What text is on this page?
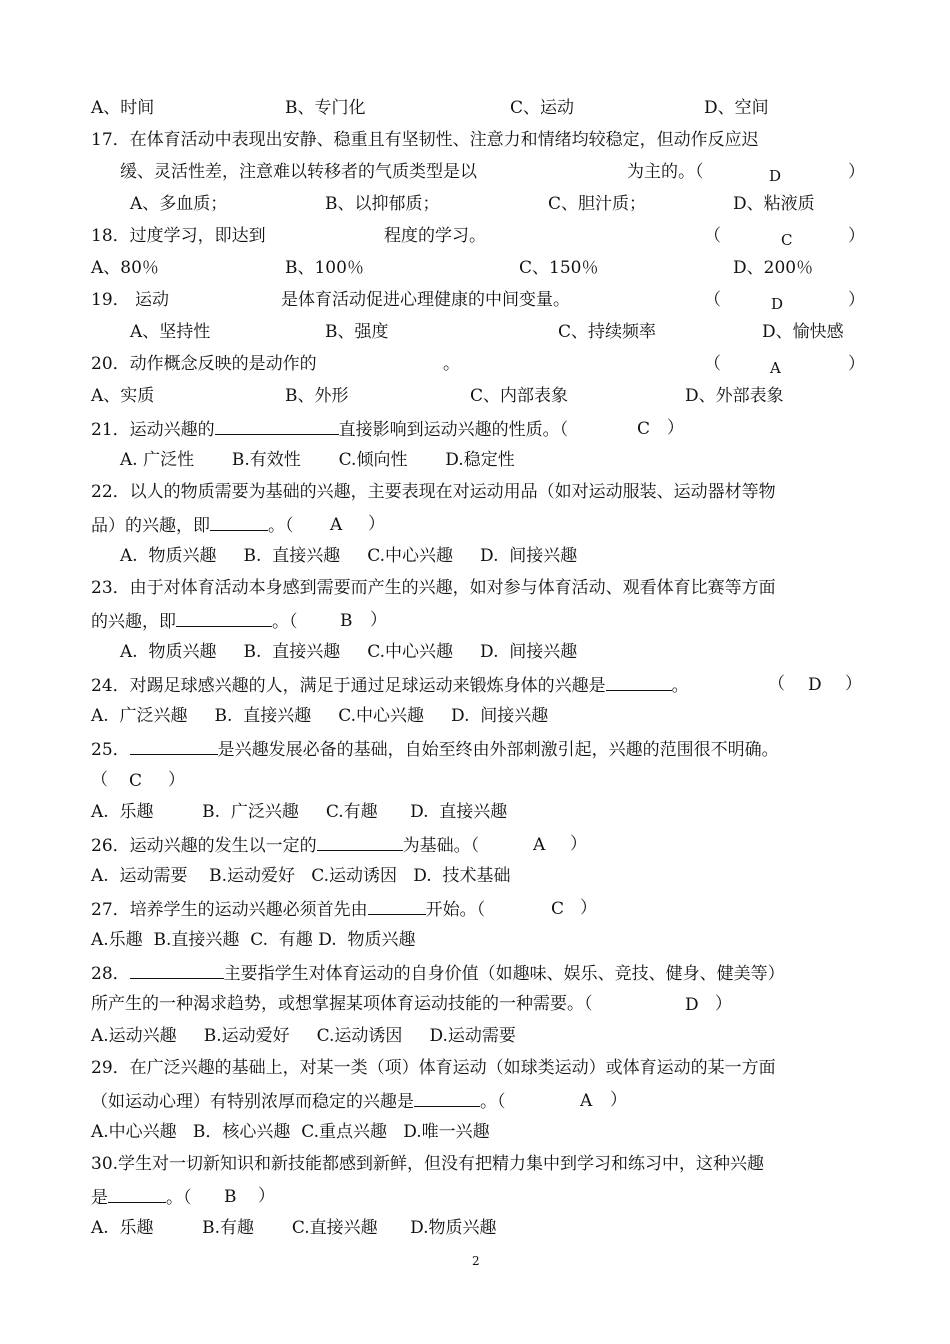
A、时间	B、专门化	C、运动	D、空间
17．在体育活动中表现出安静、稳重且有坚韧性、注意力和情绪均较稳定，但动作反应迟
缓、灵活性差，注意难以转移者的气质类型是以	为主的。（	D	）
A、多血质；	B、以抑郁质；	C、胆汁质；	D、粘液质
18．过度学习，即达到	程度的学习。	（	C	）
A、80％	B、100％	C、150％	D、200％
19． 运动	是体育活动促进心理健康的中间变量。	（	D	）
A、坚持性	B、强度	C、持续频率	D、愉快感
20．动作概念反映的是动作的	。	（	A	）
A、实质	B、外形	C、内部表象	D、外部表象
21．运动兴趣的	直接影响到运动兴趣的性质。（	C ）
A. 广泛性       B.有效性       C.倾向性       D.稳定性
22．以人的物质需要为基础的兴趣，主要表现在对运动用品（如对运动服装、运动器材等物
品）的兴趣，即	。（ A ）
A.  物质兴趣     B.  直接兴趣     C.中心兴趣     D.  间接兴趣
23．由于对体育活动本身感到需要而产生的兴趣，如对参与体育活动、观看体育比赛等方面
的兴趣，即	。（	B ）
A.  物质兴趣     B.  直接兴趣     C.中心兴趣     D.  间接兴趣
24．对踢足球感兴趣的人，满足于通过足球运动来锻炼身体的兴趣是	。	（ D ）
A.  广泛兴趣     B.  直接兴趣     C.中心兴趣     D.  间接兴趣
25．	是兴趣发展必备的基础，自始至终由外部刺激引起，兴趣的范围很不明确。
（ C ）
A.  乐趣         B.  广泛兴趣     C.有趣      D.  直接兴趣
26．运动兴趣的发生以一定的	为基础。（	A ）
A.  运动需要    B.运动爱好   C.运动诱因   D.  技术基础
27．培养学生的运动兴趣必须首先由	开始。（	C ）
A.乐趣  B.直接兴趣  C.  有趣 D.  物质兴趣
28．	主要指学生对体育运动的自身价值（如趣味、娱乐、竞技、健身、健美等）
所产生的一种渴求趋势，或想掌握某项体育运动技能的一种需要。（	D ）
A.运动兴趣     B.运动爱好     C.运动诱因     D.运动需要
29．在广泛兴趣的基础上，对某一类（项）体育运动（如球类运动）或体育运动的某一方面
（如运动心理）有特别浓厚而稳定的兴趣是	。（	A ）
A.中心兴趣   B．核心兴趣  C.重点兴趣   D.唯一兴趣
30.学生对一切新知识和新技能都感到新鲜，但没有把精力集中到学习和练习中，这种兴趣
是	。（ B ）
A.  乐趣         B.有趣       C.直接兴趣      D.物质兴趣
2
